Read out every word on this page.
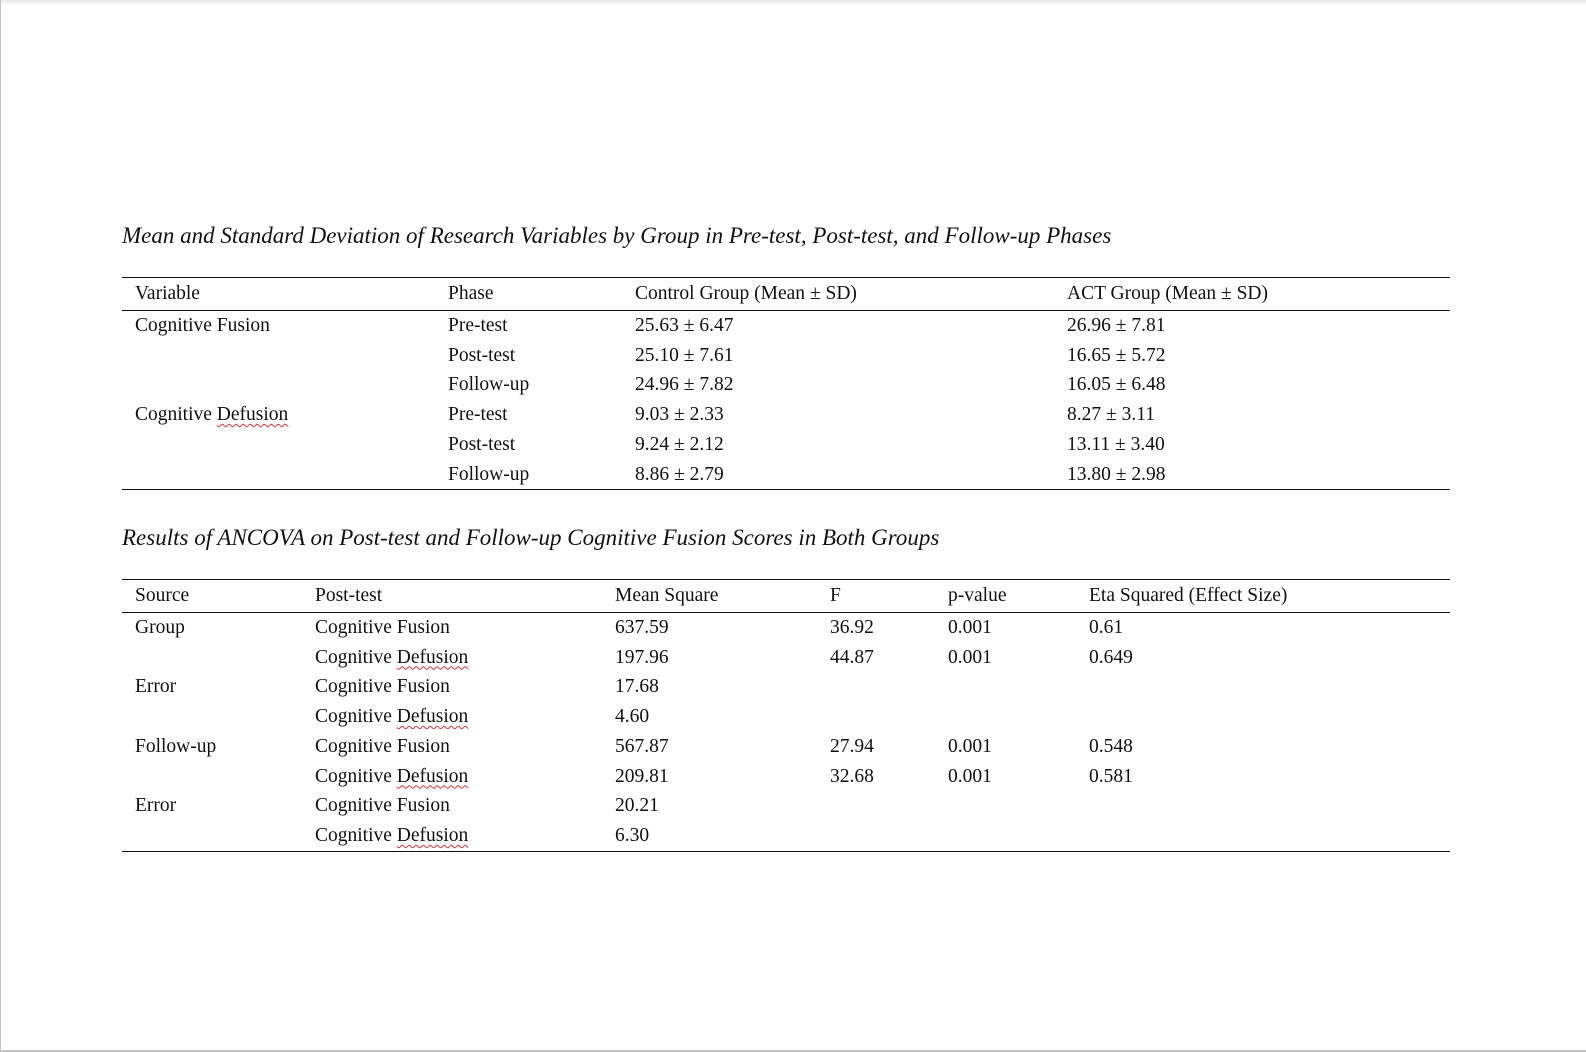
Mean and Standard Deviation of Research Variables by Group in Pre-test, Post-test, and Follow-up Phases
Variable	Phase	Control Group (Mean ± SD)	ACT Group (Mean ± SD)
Cognitive Fusion	Pre-test	25.63 ± 6.47	26.96 ± 7.81
	Post-test	25.10 ± 7.61	16.65 ± 5.72
	Follow-up	24.96 ± 7.82	16.05 ± 6.48
Cognitive Defusion	Pre-test	9.03 ± 2.33	8.27 ± 3.11
	Post-test	9.24 ± 2.12	13.11 ± 3.40
	Follow-up	8.86 ± 2.79	13.80 ± 2.98
Results of ANCOVA on Post-test and Follow-up Cognitive Fusion Scores in Both Groups
Source	Post-test	Mean Square	F	p-value	Eta Squared (Effect Size)
Group	Cognitive Fusion	637.59	36.92	0.001	0.61
	Cognitive Defusion	197.96	44.87	0.001	0.649
Error	Cognitive Fusion	17.68			
	Cognitive Defusion	4.60			
Follow-up	Cognitive Fusion	567.87	27.94	0.001	0.548
	Cognitive Defusion	209.81	32.68	0.001	0.581
Error	Cognitive Fusion	20.21			
	Cognitive Defusion	6.30			
